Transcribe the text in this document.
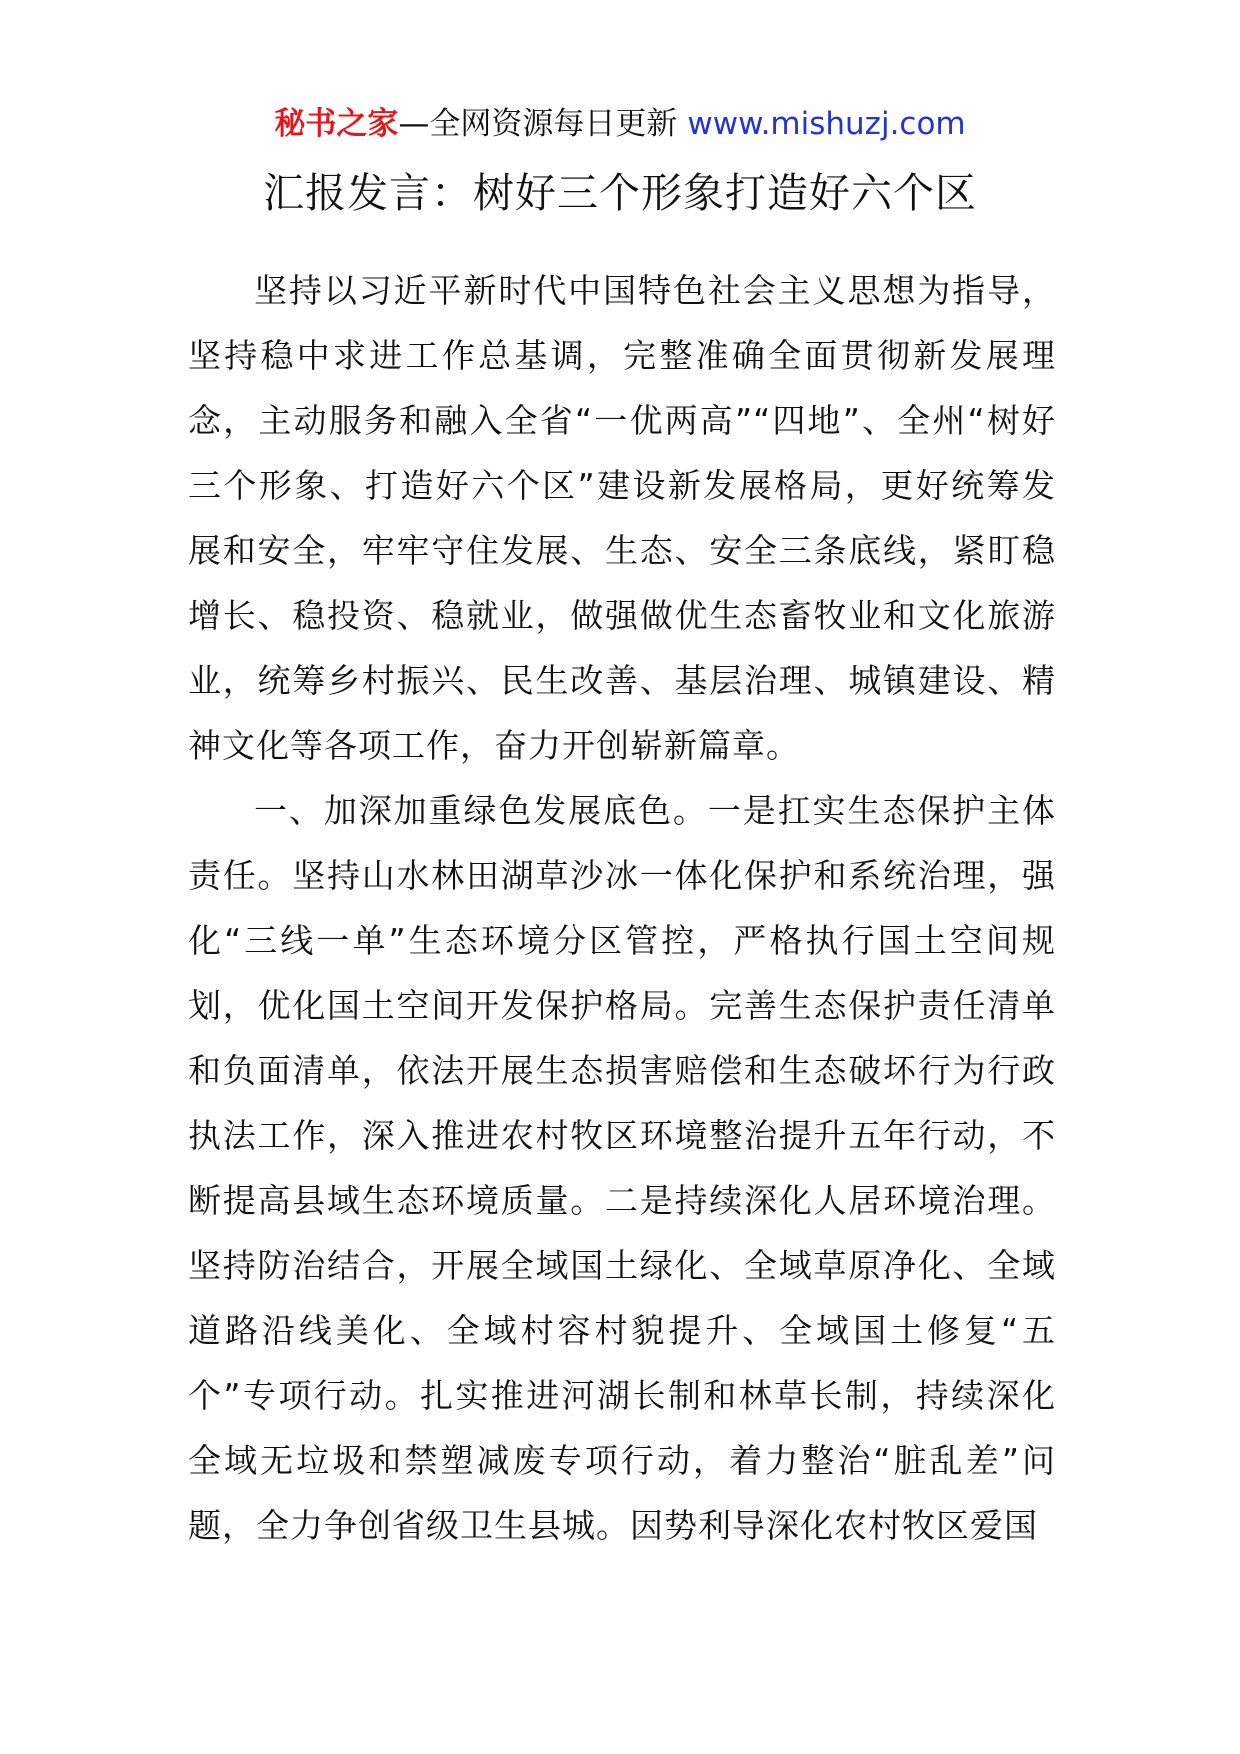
秘书之家—全网资源每日更新 www.mishuzj.com
汇报发言：树好三个形象打造好六个区

坚持以习近平新时代中国特色社会主义思想为指导，坚持稳中求进工作总基调，完整准确全面贯彻新发展理念，主动服务和融入全省“一优两高”“四地”、全州“树好三个形象、打造好六个区”建设新发展格局，更好统筹发展和安全，牢牢守住发展、生态、安全三条底线，紧盯稳增长、稳投资、稳就业，做强做优生态畜牧业和文化旅游业，统筹乡村振兴、民生改善、基层治理、城镇建设、精神文化等各项工作，奋力开创崭新篇章。

一、加深加重绿色发展底色。一是扛实生态保护主体责任。坚持山水林田湖草沙冰一体化保护和系统治理，强化“三线一单”生态环境分区管控，严格执行国土空间规划，优化国土空间开发保护格局。完善生态保护责任清单和负面清单，依法开展生态损害赔偿和生态破坏行为行政执法工作，深入推进农村牧区环境整治提升五年行动，不断提高县域生态环境质量。二是持续深化人居环境治理。坚持防治结合，开展全域国土绿化、全域草原净化、全域道路沿线美化、全域村容村貌提升、全域国土修复“五个”专项行动。扎实推进河湖长制和林草长制，持续深化全域无垃圾和禁塑减废专项行动，着力整治“脏乱差”问题，全力争创省级卫生县城。因势利导深化农村牧区爱国
